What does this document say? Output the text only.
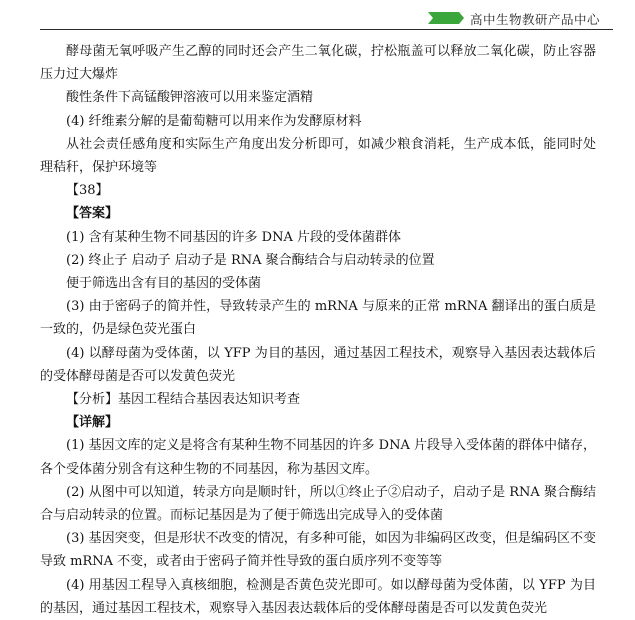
高中生物教研产品中心

酵母菌无氧呼吸产生乙醇的同时还会产生二氧化碳，拧松瓶盖可以释放二氧化碳，防止容器压力过大爆炸

酸性条件下高锰酸钾溶液可以用来鉴定酒精

(4) 纤维素分解的是葡萄糖可以用来作为发酵原材料

从社会责任感角度和实际生产角度出发分析即可，如减少粮食消耗，生产成本低，能同时处理秸秆，保护环境等

【38】

【答案】

(1) 含有某种生物不同基因的许多 DNA 片段的受体菌群体

(2) 终止子 启动子 启动子是 RNA 聚合酶结合与启动转录的位置

便于筛选出含有目的基因的受体菌

(3) 由于密码子的简并性，导致转录产生的 mRNA 与原来的正常 mRNA 翻译出的蛋白质是一致的，仍是绿色荧光蛋白

(4) 以酵母菌为受体菌，以 YFP 为目的基因，通过基因工程技术，观察导入基因表达载体后的受体酵母菌是否可以发黄色荧光

【分析】基因工程结合基因表达知识考查

【详解】

(1) 基因文库的定义是将含有某种生物不同基因的许多 DNA 片段导入受体菌的群体中储存，各个受体菌分别含有这种生物的不同基因，称为基因文库。

(2) 从图中可以知道，转录方向是顺时针，所以①终止子②启动子，启动子是 RNA 聚合酶结合与启动转录的位置。而标记基因是为了便于筛选出完成导入的受体菌

(3) 基因突变，但是形状不改变的情况，有多种可能，如因为非编码区改变，但是编码区不变导致 mRNA 不变，或者由于密码子简并性导致的蛋白质序列不变等等

(4) 用基因工程导入真核细胞，检测是否黄色荧光即可。如以酵母菌为受体菌，以 YFP 为目的基因，通过基因工程技术，观察导入基因表达载体后的受体酵母菌是否可以发黄色荧光
